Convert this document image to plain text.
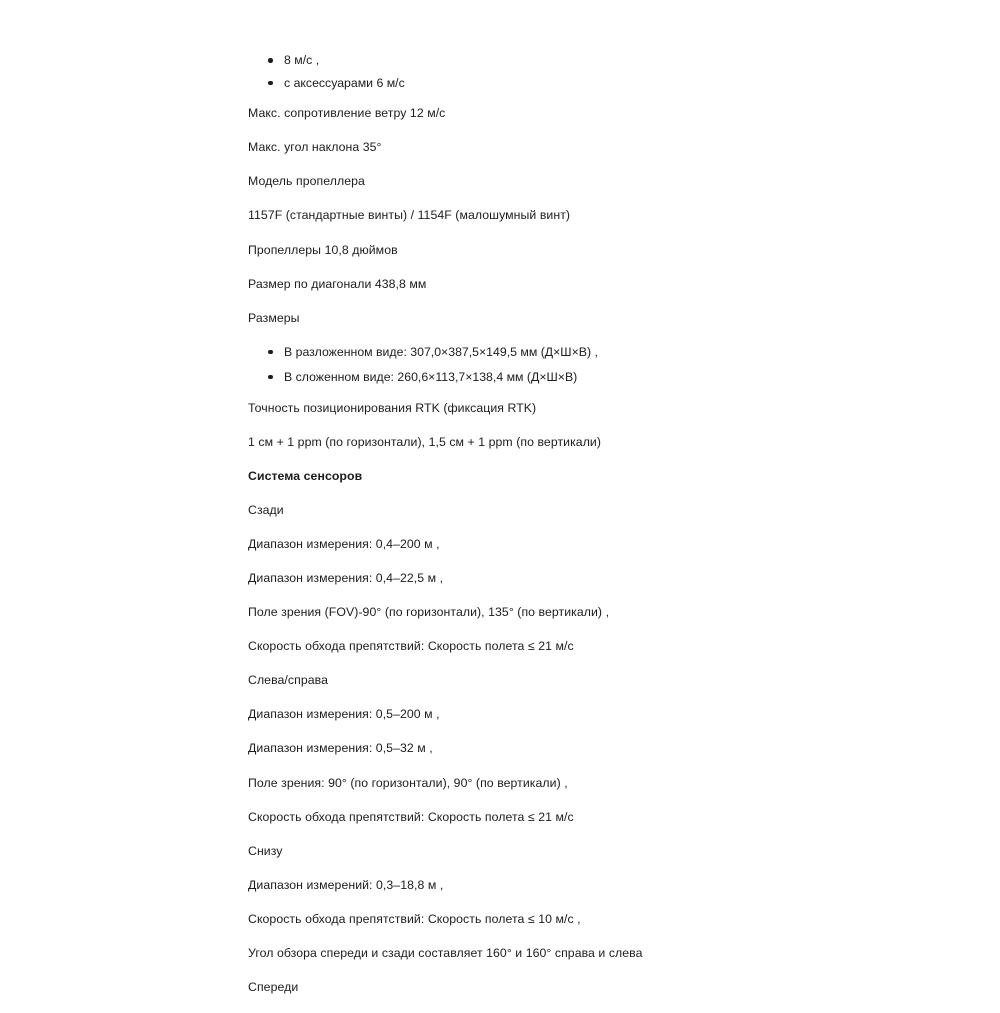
8 м/с ,
с аксессуарами 6 м/с

Макс. сопротивление ветру 12 м/с

Макс. угол наклона 35°

Модель пропеллера

1157F (стандартные винты) / 1154F (малошумный винт)

Пропеллеры 10,8 дюймов

Размер по диагонали 438,8 мм

Размеры

В разложенном виде: 307,0×387,5×149,5 мм (Д×Ш×В) ,
В сложенном виде: 260,6×113,7×138,4 мм (Д×Ш×В)

Точность позиционирования RTK (фиксация RTK)

1 см + 1 ppm (по горизонтали), 1,5 см + 1 ppm (по вертикали)

Система сенсоров

Сзади

Диапазон измерения: 0,4–200 м ,

Диапазон измерения: 0,4–22,5 м ,

Поле зрения (FOV)-90° (по горизонтали), 135° (по вертикали) ,

Скорость обхода препятствий: Скорость полета ≤ 21 м/с

Слева/справа

Диапазон измерения: 0,5–200 м ,

Диапазон измерения: 0,5–32 м ,

Поле зрения: 90° (по горизонтали), 90° (по вертикали) ,

Скорость обхода препятствий: Скорость полета ≤ 21 м/с

Снизу

Диапазон измерений: 0,3–18,8 м ,

Скорость обхода препятствий: Скорость полета ≤ 10 м/с ,

Угол обзора спереди и сзади составляет 160° и 160° справа и слева

Спереди
